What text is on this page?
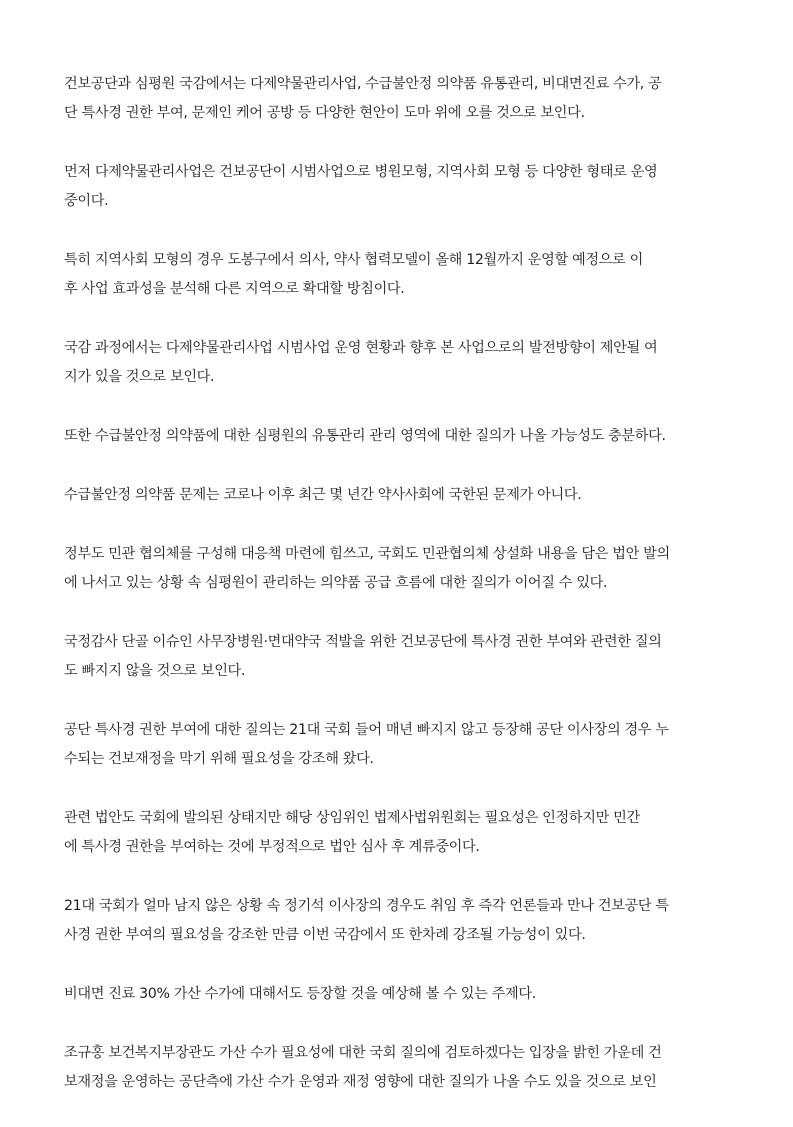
건보공단과 심평원 국감에서는 다제약물관리사업, 수급불안정 의약품 유통관리, 비대면진료 수가, 공
단 특사경 권한 부여, 문제인 케어 공방 등 다양한 현안이 도마 위에 오를 것으로 보인다.

먼저 다제약물관리사업은 건보공단이 시범사업으로 병원모형, 지역사회 모형 등 다양한 형태로 운영
중이다.

특히 지역사회 모형의 경우 도봉구에서 의사, 약사 협력모델이 올해 12월까지 운영할 예정으로 이
후 사업 효과성을 분석해 다른 지역으로 확대할 방침이다.

국감 과정에서는 다제약물관리사업 시범사업 운영 현황과 향후 본 사업으로의 발전방향이 제안될 여
지가 있을 것으로 보인다.

또한 수급불안정 의약품에 대한 심평원의 유통관리 관리 영역에 대한 질의가 나올 가능성도 충분하다.

수급불안정 의약품 문제는 코로나 이후 최근 몇 년간 약사사회에 국한된 문제가 아니다.

정부도 민관 협의체를 구성해 대응책 마련에 힘쓰고, 국회도 민관협의체 상설화 내용을 담은 법안 발의
에 나서고 있는 상황 속 심평원이 관리하는 의약품 공급 흐름에 대한 질의가 이어질 수 있다.

국정감사 단골 이슈인 사무장병원·면대약국 적발을 위한 건보공단에 특사경 권한 부여와 관련한 질의
도 빠지지 않을 것으로 보인다.

공단 특사경 권한 부여에 대한 질의는 21대 국회 들어 매년 빠지지 않고 등장해 공단 이사장의 경우 누
수되는 건보재정을 막기 위해 필요성을 강조해 왔다.

관련 법안도 국회에 발의된 상태지만 해당 상임위인 법제사법위원회는 필요성은 인정하지만 민간
에 특사경 권한을 부여하는 것에 부정적으로 법안 심사 후 계류중이다.

21대 국회가 얼마 남지 않은 상황 속 정기석 이사장의 경우도 취임 후 즉각 언론들과 만나 건보공단 특
사경 권한 부여의 필요성을 강조한 만큼 이번 국감에서 또 한차례 강조될 가능성이 있다.

비대면 진료 30% 가산 수가에 대해서도 등장할 것을 예상해 볼 수 있는 주제다.

조규홍 보건복지부장관도 가산 수가 필요성에 대한 국회 질의에 검토하겠다는 입장을 밝힌 가운데 건
보재정을 운영하는 공단측에 가산 수가 운영과 재정 영향에 대한 질의가 나올 수도 있을 것으로 보인
